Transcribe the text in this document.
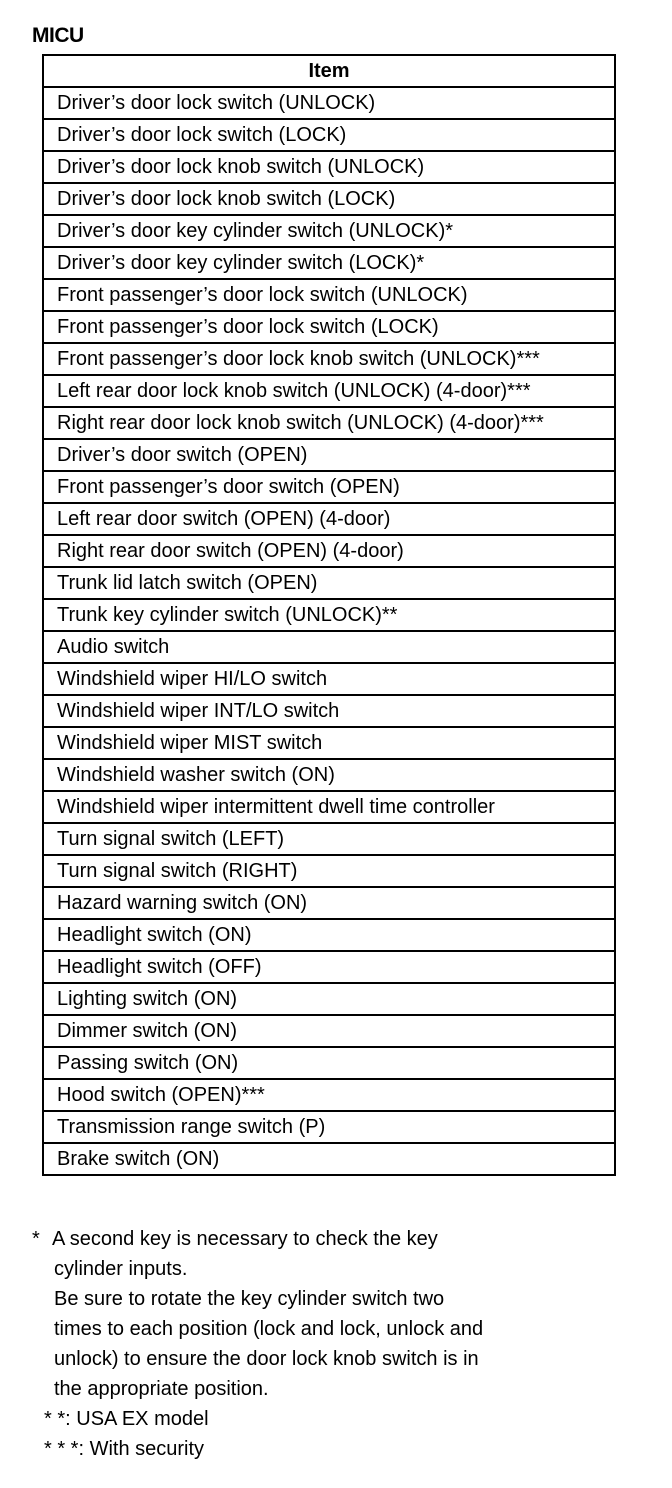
MICU
Item
Driver’s door lock switch (UNLOCK)
Driver’s door lock switch (LOCK)
Driver’s door lock knob switch (UNLOCK)
Driver’s door lock knob switch (LOCK)
Driver’s door key cylinder switch (UNLOCK)*
Driver’s door key cylinder switch (LOCK)*
Front passenger’s door lock switch (UNLOCK)
Front passenger’s door lock switch (LOCK)
Front passenger’s door lock knob switch (UNLOCK)***
Left rear door lock knob switch (UNLOCK) (4-door)***
Right rear door lock knob switch (UNLOCK) (4-door)***
Driver’s door switch (OPEN)
Front passenger’s door switch (OPEN)
Left rear door switch (OPEN) (4-door)
Right rear door switch (OPEN) (4-door)
Trunk lid latch switch (OPEN)
Trunk key cylinder switch (UNLOCK)**
Audio switch
Windshield wiper HI/LO switch
Windshield wiper INT/LO switch
Windshield wiper MIST switch
Windshield washer switch (ON)
Windshield wiper intermittent dwell time controller
Turn signal switch (LEFT)
Turn signal switch (RIGHT)
Hazard warning switch (ON)
Headlight switch (ON)
Headlight switch (OFF)
Lighting switch (ON)
Dimmer switch (ON)
Passing switch (ON)
Hood switch (OPEN)***
Transmission range switch (P)
Brake switch (ON)
* A second key is necessary to check the key
cylinder inputs.
Be sure to rotate the key cylinder switch two
times to each position (lock and lock, unlock and
unlock) to ensure the door lock knob switch is in
the appropriate position.
* *: USA EX model
* * *: With security
